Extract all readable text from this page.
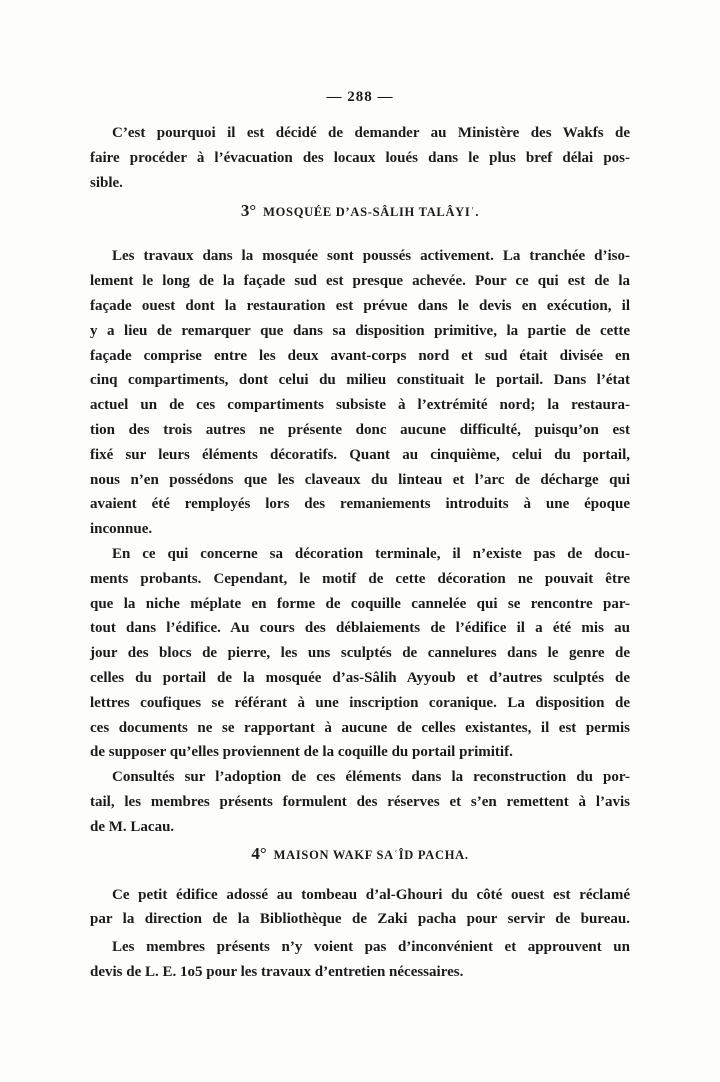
— 288 —
C’est pourquoi il est décidé de demander au Ministère des Wakfs de
faire procéder à l’évacuation des locaux loués dans le plus bref délai pos-
sible.
3° MOSQUÉE D’AS-SÂLIH TALÂYIʿ.
Les travaux dans la mosquée sont poussés activement. La tranchée d’iso-
lement le long de la façade sud est presque achevée. Pour ce qui est de la
façade ouest dont la restauration est prévue dans le devis en exécution, il
y a lieu de remarquer que dans sa disposition primitive, la partie de cette
façade comprise entre les deux avant-corps nord et sud était divisée en
cinq compartiments, dont celui du milieu constituait le portail. Dans l’état
actuel un de ces compartiments subsiste à l’extrémité nord; la restaura-
tion des trois autres ne présente donc aucune difficulté, puisqu’on est
fixé sur leurs éléments décoratifs. Quant au cinquième, celui du portail,
nous n’en possédons que les claveaux du linteau et l’arc de décharge qui
avaient été remployés lors des remaniements introduits à une époque
inconnue.
En ce qui concerne sa décoration terminale, il n’existe pas de docu-
ments probants. Cependant, le motif de cette décoration ne pouvait être
que la niche méplate en forme de coquille cannelée qui se rencontre par-
tout dans l’édifice. Au cours des déblaiements de l’édifice il a été mis au
jour des blocs de pierre, les uns sculptés de cannelures dans le genre de
celles du portail de la mosquée d’as-Sâlih Ayyoub et d’autres sculptés de
lettres coufiques se référant à une inscription coranique. La disposition de
ces documents ne se rapportant à aucune de celles existantes, il est permis
de supposer qu’elles proviennent de la coquille du portail primitif.
Consultés sur l’adoption de ces éléments dans la reconstruction du por-
tail, les membres présents formulent des réserves et s’en remettent à l’avis
de M. Lacau.
4° MAISON WAKF SAʿÎD PACHA.
Ce petit édifice adossé au tombeau d’al-Ghouri du côté ouest est réclamé
par la direction de la Bibliothèque de Zaki pacha pour servir de bureau.
Les membres présents n’y voient pas d’inconvénient et approuvent un
devis de L. E. 1o5 pour les travaux d’entretien nécessaires.
